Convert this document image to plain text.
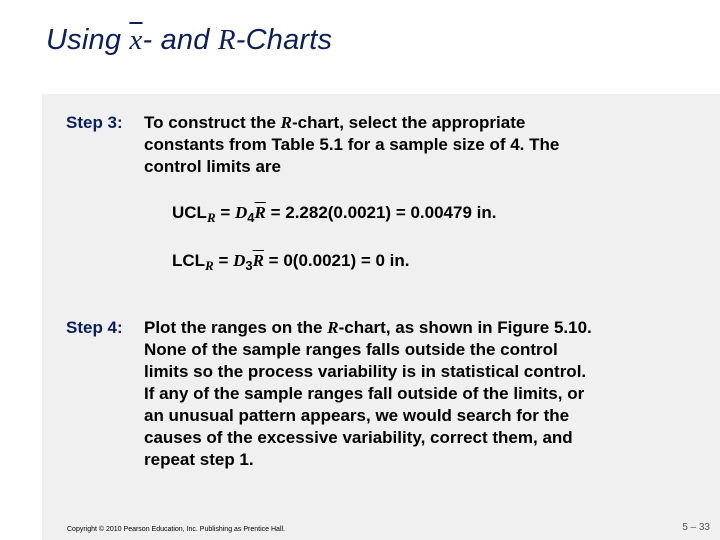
Using x- and R-Charts
Step 3: To construct the R-chart, select the appropriate
constants from Table 5.1 for a sample size of 4. The
control limits are
$UCL_R = D_4\overline{R} = 2.282(0.0021) = 0.00479$ in.
$LCL_R = D_3\overline{R} = 0(0.0021) = 0$ in.
Step 4: Plot the ranges on the R-chart, as shown in Figure 5.10.
None of the sample ranges falls outside the control
limits so the process variability is in statistical control.
If any of the sample ranges fall outside of the limits, or
an unusual pattern appears, we would search for the
causes of the excessive variability, correct them, and
repeat step 1.
Copyright © 2010 Pearson Education, Inc. Publishing as Prentice Hall.	5 – 33
